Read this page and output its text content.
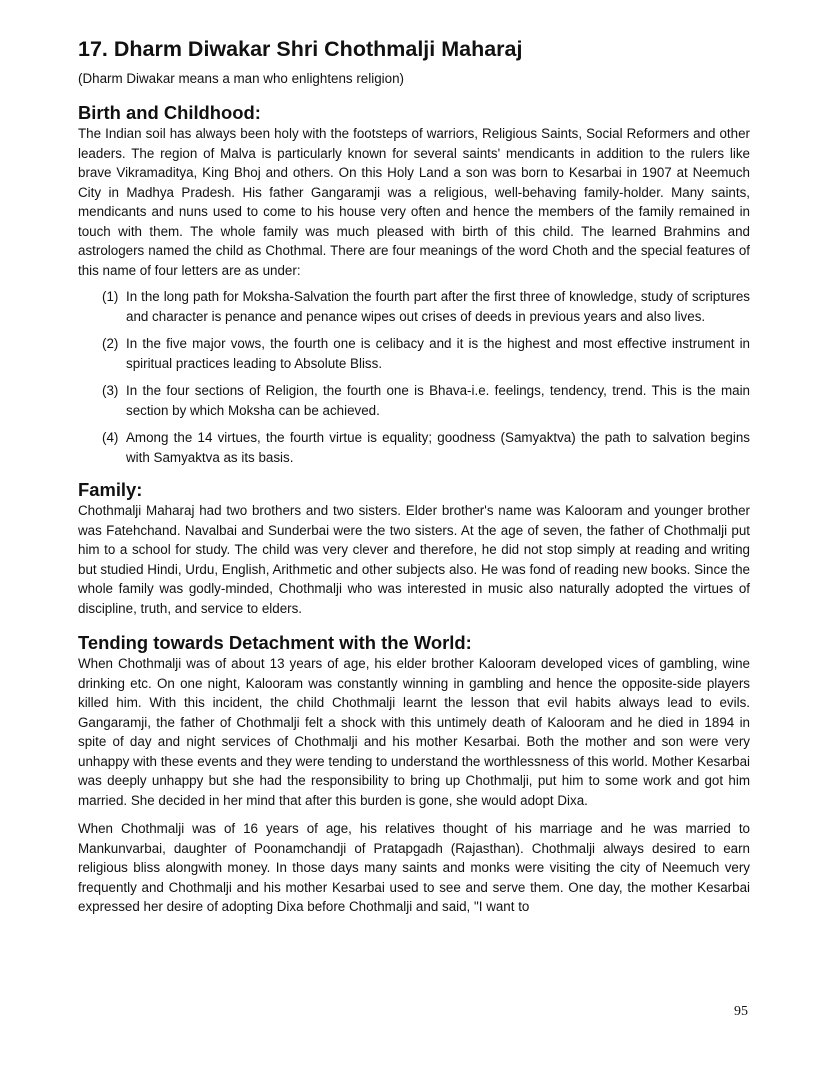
17. Dharm Diwakar Shri Chothmalji Maharaj
(Dharm Diwakar means a man who enlightens religion)
Birth and Childhood:

The Indian soil has always been holy with the footsteps of warriors, Religious Saints, Social Reformers and other leaders. The region of Malva is particularly known for several saints' mendicants in addition to the rulers like brave Vikramaditya, King Bhoj and others. On this Holy Land a son was born to Kesarbai in 1907 at Neemuch City in Madhya Pradesh. His father Gangaramji was a religious, well-behaving family-holder. Many saints, mendicants and nuns used to come to his house very often and hence the members of the family remained in touch with them. The whole family was much pleased with birth of this child. The learned Brahmins and astrologers named the child as Chothmal. There are four meanings of the word Choth and the special features of this name of four letters are as under:

(1) In the long path for Moksha-Salvation the fourth part after the first three of knowledge, study of scriptures and character is penance and penance wipes out crises of deeds in previous years and also lives.
(2) In the five major vows, the fourth one is celibacy and it is the highest and most effective instrument in spiritual practices leading to Absolute Bliss.
(3) In the four sections of Religion, the fourth one is Bhava-i.e. feelings, tendency, trend. This is the main section by which Moksha can be achieved.
(4) Among the 14 virtues, the fourth virtue is equality; goodness (Samyaktva) the path to salvation begins with Samyaktva as its basis.
Family:

Chothmalji Maharaj had two brothers and two sisters. Elder brother's name was Kalooram and younger brother was Fatehchand. Navalbai and Sunderbai were the two sisters. At the age of seven, the father of Chothmalji put him to a school for study. The child was very clever and therefore, he did not stop simply at reading and writing but studied Hindi, Urdu, English, Arithmetic and other subjects also. He was fond of reading new books. Since the whole family was godly-minded, Chothmalji who was interested in music also naturally adopted the virtues of discipline, truth, and service to elders.

Tending towards Detachment with the World:

When Chothmalji was of about 13 years of age, his elder brother Kalooram developed vices of gambling, wine drinking etc. On one night, Kalooram was constantly winning in gambling and hence the opposite-side players killed him. With this incident, the child Chothmalji learnt the lesson that evil habits always lead to evils. Gangaramji, the father of Chothmalji felt a shock with this untimely death of Kalooram and he died in 1894 in spite of day and night services of Chothmalji and his mother Kesarbai. Both the mother and son were very unhappy with these events and they were tending to understand the worthlessness of this world. Mother Kesarbai was deeply unhappy but she had the responsibility to bring up Chothmalji, put him to some work and got him married. She decided in her mind that after this burden is gone, she would adopt Dixa.

When Chothmalji was of 16 years of age, his relatives thought of his marriage and he was married to Mankunvarbai, daughter of Poonamchandji of Pratapgadh (Rajasthan). Chothmalji always desired to earn religious bliss alongwith money. In those days many saints and monks were visiting the city of Neemuch very frequently and Chothmalji and his mother Kesarbai used to see and serve them. One day, the mother Kesarbai expressed her desire of adopting Dixa before Chothmalji and said, "I want to

95
